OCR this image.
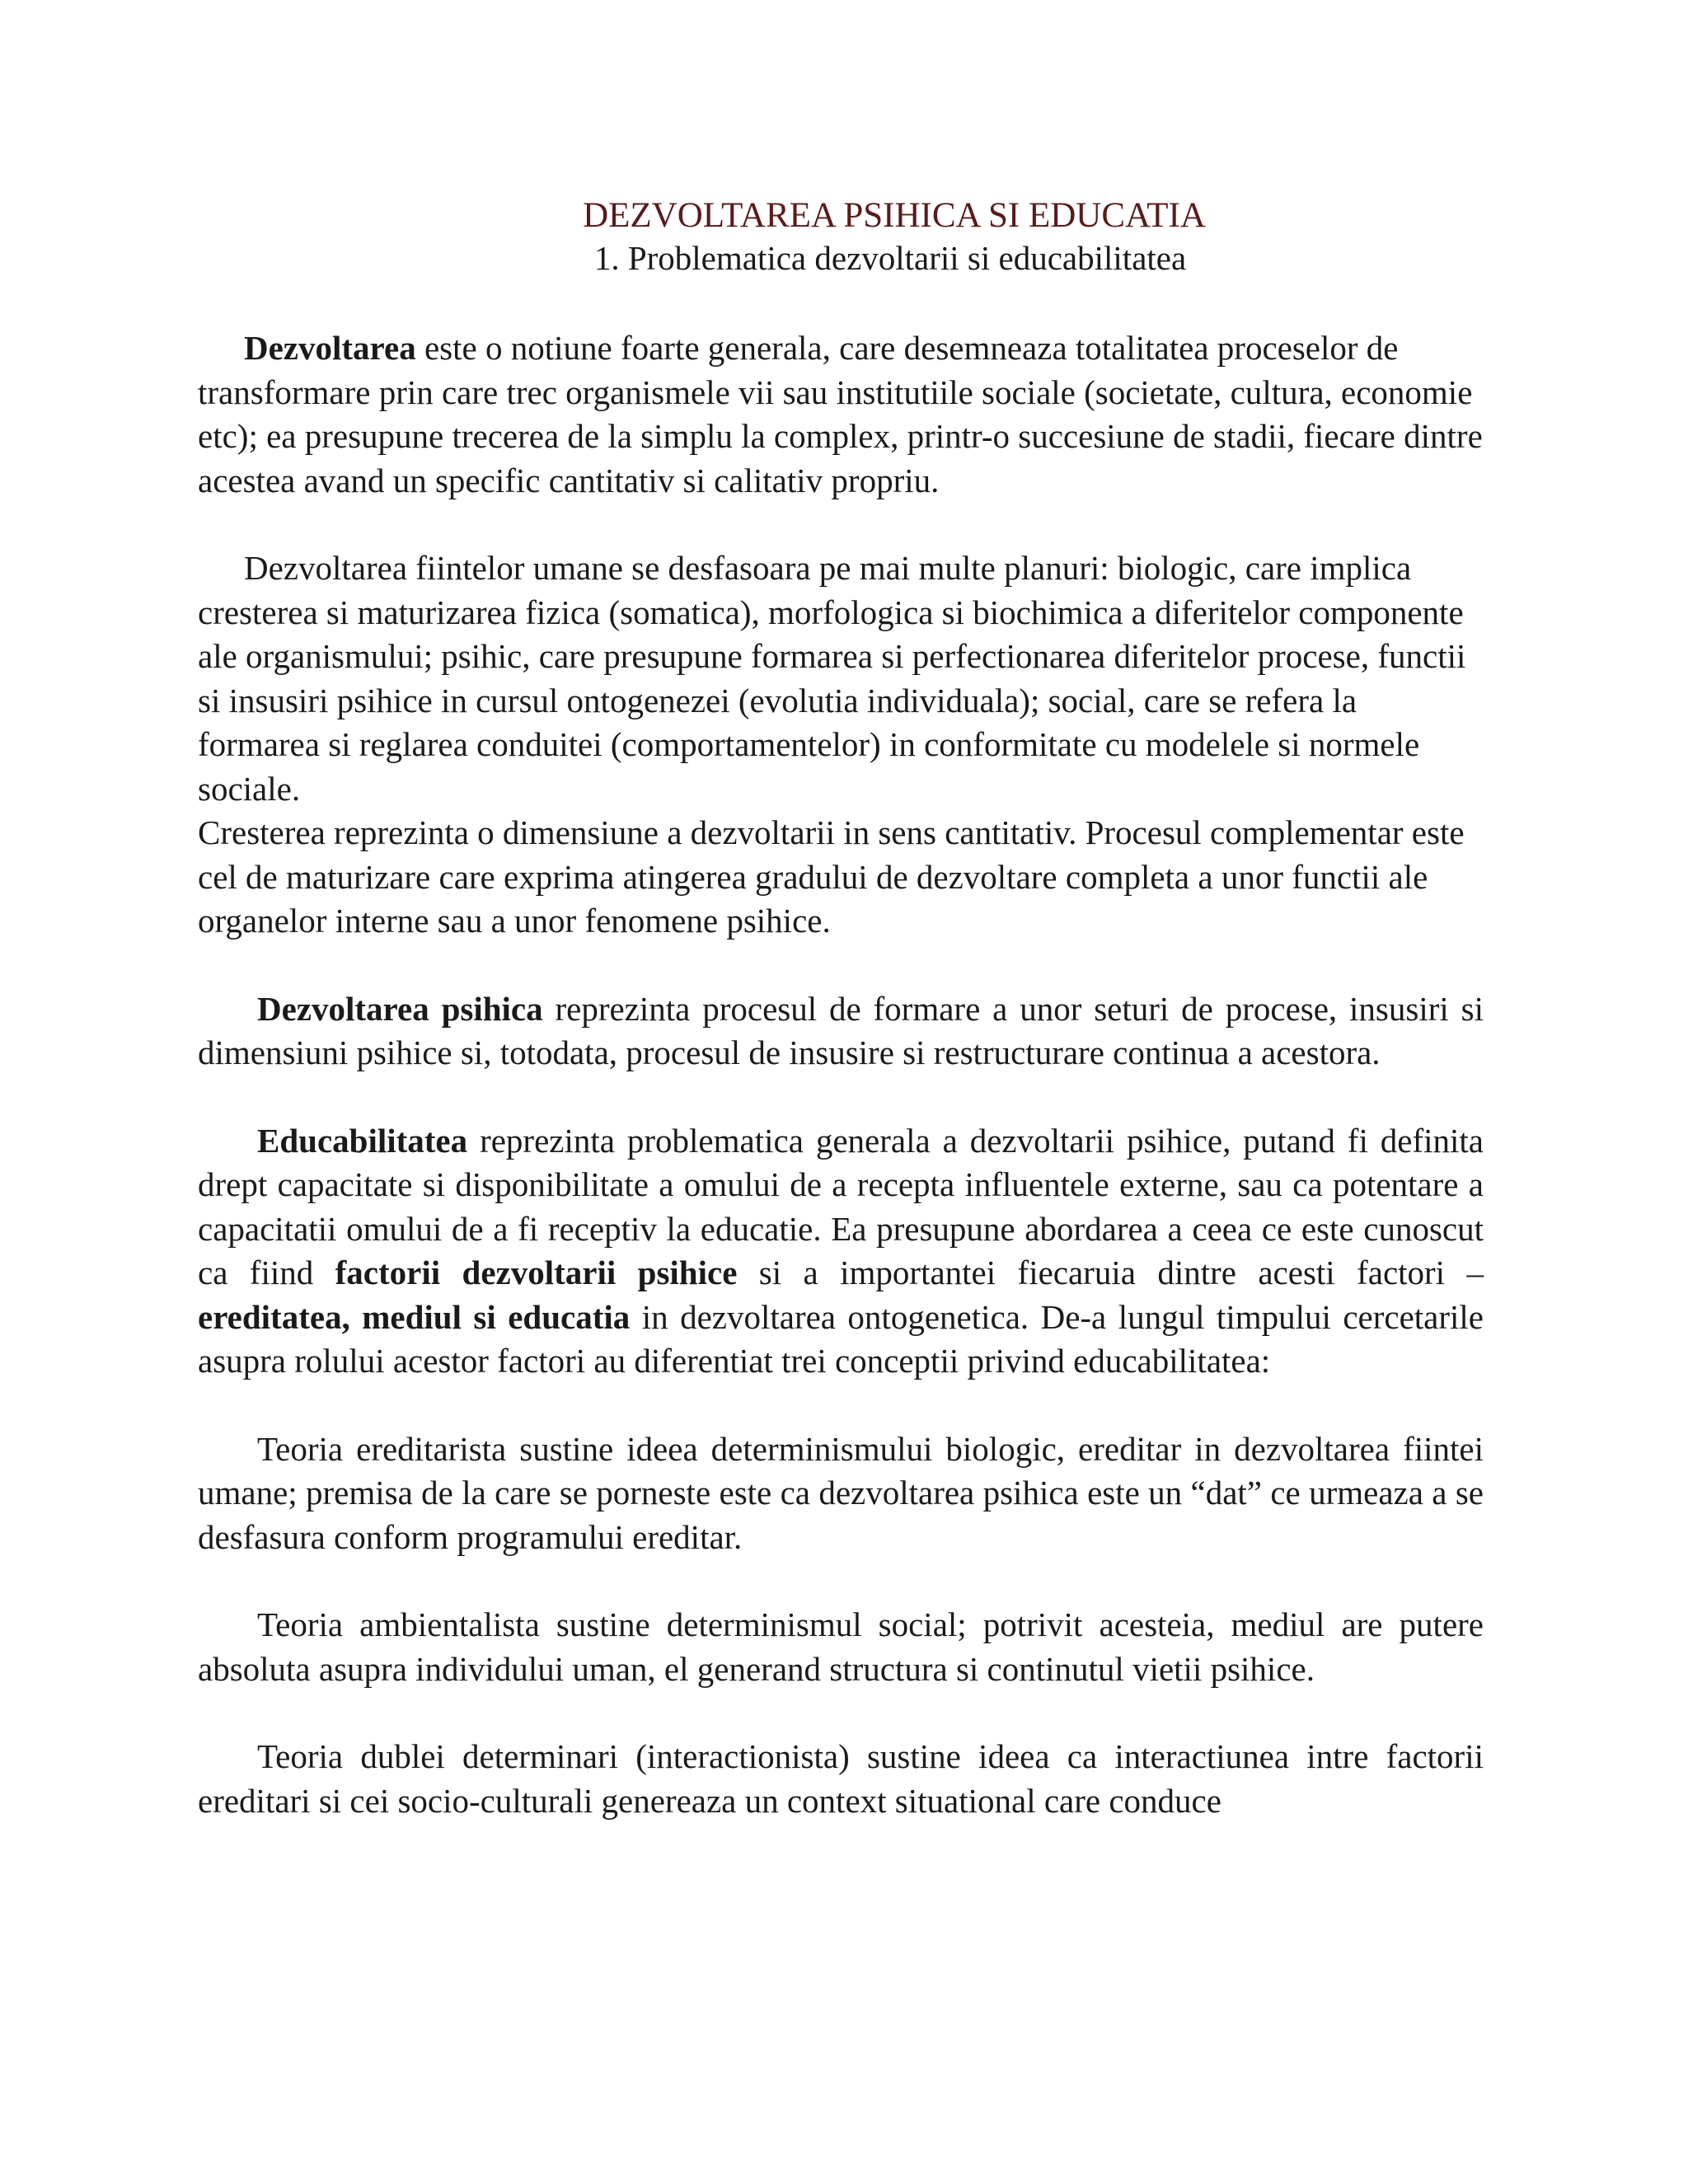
DEZVOLTAREA PSIHICA SI EDUCATIA
1. Problematica dezvoltarii si educabilitatea

Dezvoltarea este o notiune foarte generala, care desemneaza totalitatea proceselor de transformare prin care trec organismele vii sau institutiile sociale (societate, cultura, economie etc); ea presupune trecerea de la simplu la complex, printr-o succesiune de stadii, fiecare dintre acestea avand un specific cantitativ si calitativ propriu.

Dezvoltarea fiintelor umane se desfasoara pe mai multe planuri: biologic, care implica cresterea si maturizarea fizica (somatica), morfologica si biochimica a diferitelor componente ale organismului; psihic, care presupune formarea si perfectionarea diferitelor procese, functii si insusiri psihice in cursul ontogenezei (evolutia individuala); social, care se refera la formarea si reglarea conduitei (comportamentelor) in conformitate cu modelele si normele sociale.

Cresterea reprezinta o dimensiune a dezvoltarii in sens cantitativ. Procesul complementar este cel de maturizare care exprima atingerea gradului de dezvoltare completa a unor functii ale organelor interne sau a unor fenomene psihice.

Dezvoltarea psihica reprezinta procesul de formare a unor seturi de procese, insusiri si dimensiuni psihice si, totodata, procesul de insusire si restructurare continua a acestora.

Educabilitatea reprezinta problematica generala a dezvoltarii psihice, putand fi definita drept capacitate si disponibilitate a omului de a recepta influentele externe, sau ca potentare a capacitatii omului de a fi receptiv la educatie. Ea presupune abordarea a ceea ce este cunoscut ca fiind factorii dezvoltarii psihice si a importantei fiecaruia dintre acesti factori – ereditatea, mediul si educatia in dezvoltarea ontogenetica. De-a lungul timpului cercetarile asupra rolului acestor factori au diferentiat trei conceptii privind educabilitatea:

Teoria ereditarista sustine ideea determinismului biologic, ereditar in dezvoltarea fiintei umane; premisa de la care se porneste este ca dezvoltarea psihica este un “dat” ce urmeaza a se desfasura conform programului ereditar.

Teoria ambientalista sustine determinismul social; potrivit acesteia, mediul are putere absoluta asupra individului uman, el generand structura si continutul vietii psihice.

Teoria dublei determinari (interactionista) sustine ideea ca interactiunea intre factorii ereditari si cei socio-culturali genereaza un context situational care conduce
